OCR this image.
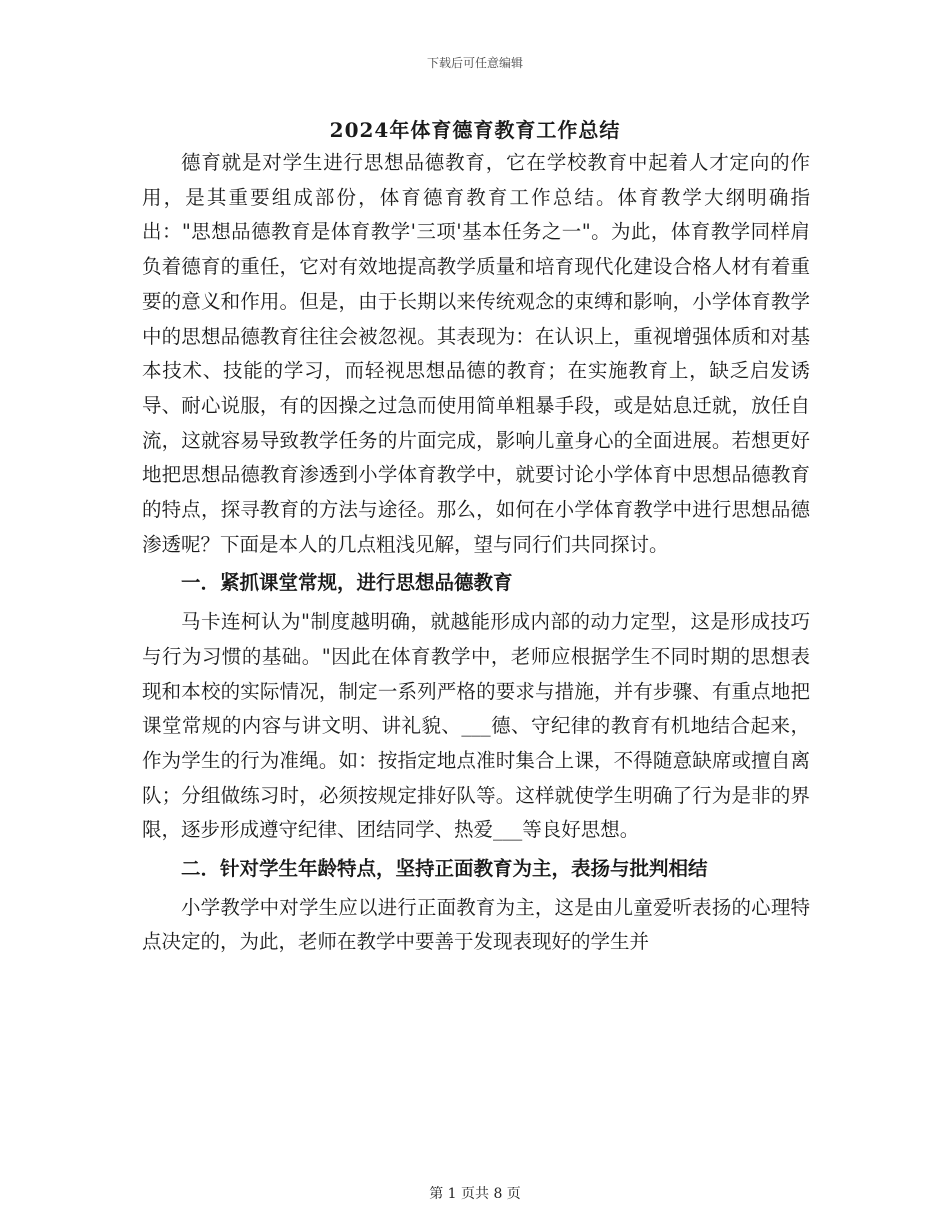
下载后可任意编辑
2024年体育德育教育工作总结

德育就是对学生进行思想品德教育，它在学校教育中起着人才定向的作用，是其重要组成部份，体育德育教育工作总结。体育教学大纲明确指出："思想品德教育是体育教学'三项'基本任务之一"。为此，体育教学同样肩负着德育的重任，它对有效地提高教学质量和培育现代化建设合格人材有着重要的意义和作用。但是，由于长期以来传统观念的束缚和影响，小学体育教学中的思想品德教育往往会被忽视。其表现为：在认识上，重视增强体质和对基本技术、技能的学习，而轻视思想品德的教育；在实施教育上，缺乏启发诱导、耐心说服，有的因操之过急而使用简单粗暴手段，或是姑息迁就，放任自流，这就容易导致教学任务的片面完成，影响儿童身心的全面进展。若想更好地把思想品德教育渗透到小学体育教学中，就要讨论小学体育中思想品德教育的特点，探寻教育的方法与途径。那么，如何在小学体育教学中进行思想品德渗透呢？下面是本人的几点粗浅见解，望与同行们共同探讨。

一．紧抓课堂常规，进行思想品德教育

马卡连柯认为"制度越明确，就越能形成内部的动力定型，这是形成技巧与行为习惯的基础。"因此在体育教学中，老师应根据学生不同时期的思想表现和本校的实际情况，制定一系列严格的要求与措施，并有步骤、有重点地把课堂常规的内容与讲文明、讲礼貌、___德、守纪律的教育有机地结合起来，作为学生的行为准绳。如：按指定地点准时集合上课，不得随意缺席或擅自离队；分组做练习时，必须按规定排好队等。这样就使学生明确了行为是非的界限，逐步形成遵守纪律、团结同学、热爱___等良好思想。

二．针对学生年龄特点，坚持正面教育为主，表扬与批判相结

小学教学中对学生应以进行正面教育为主，这是由儿童爱听表扬的心理特点决定的，为此，老师在教学中要善于发现表现好的学生并

第 1 页共 8 页
